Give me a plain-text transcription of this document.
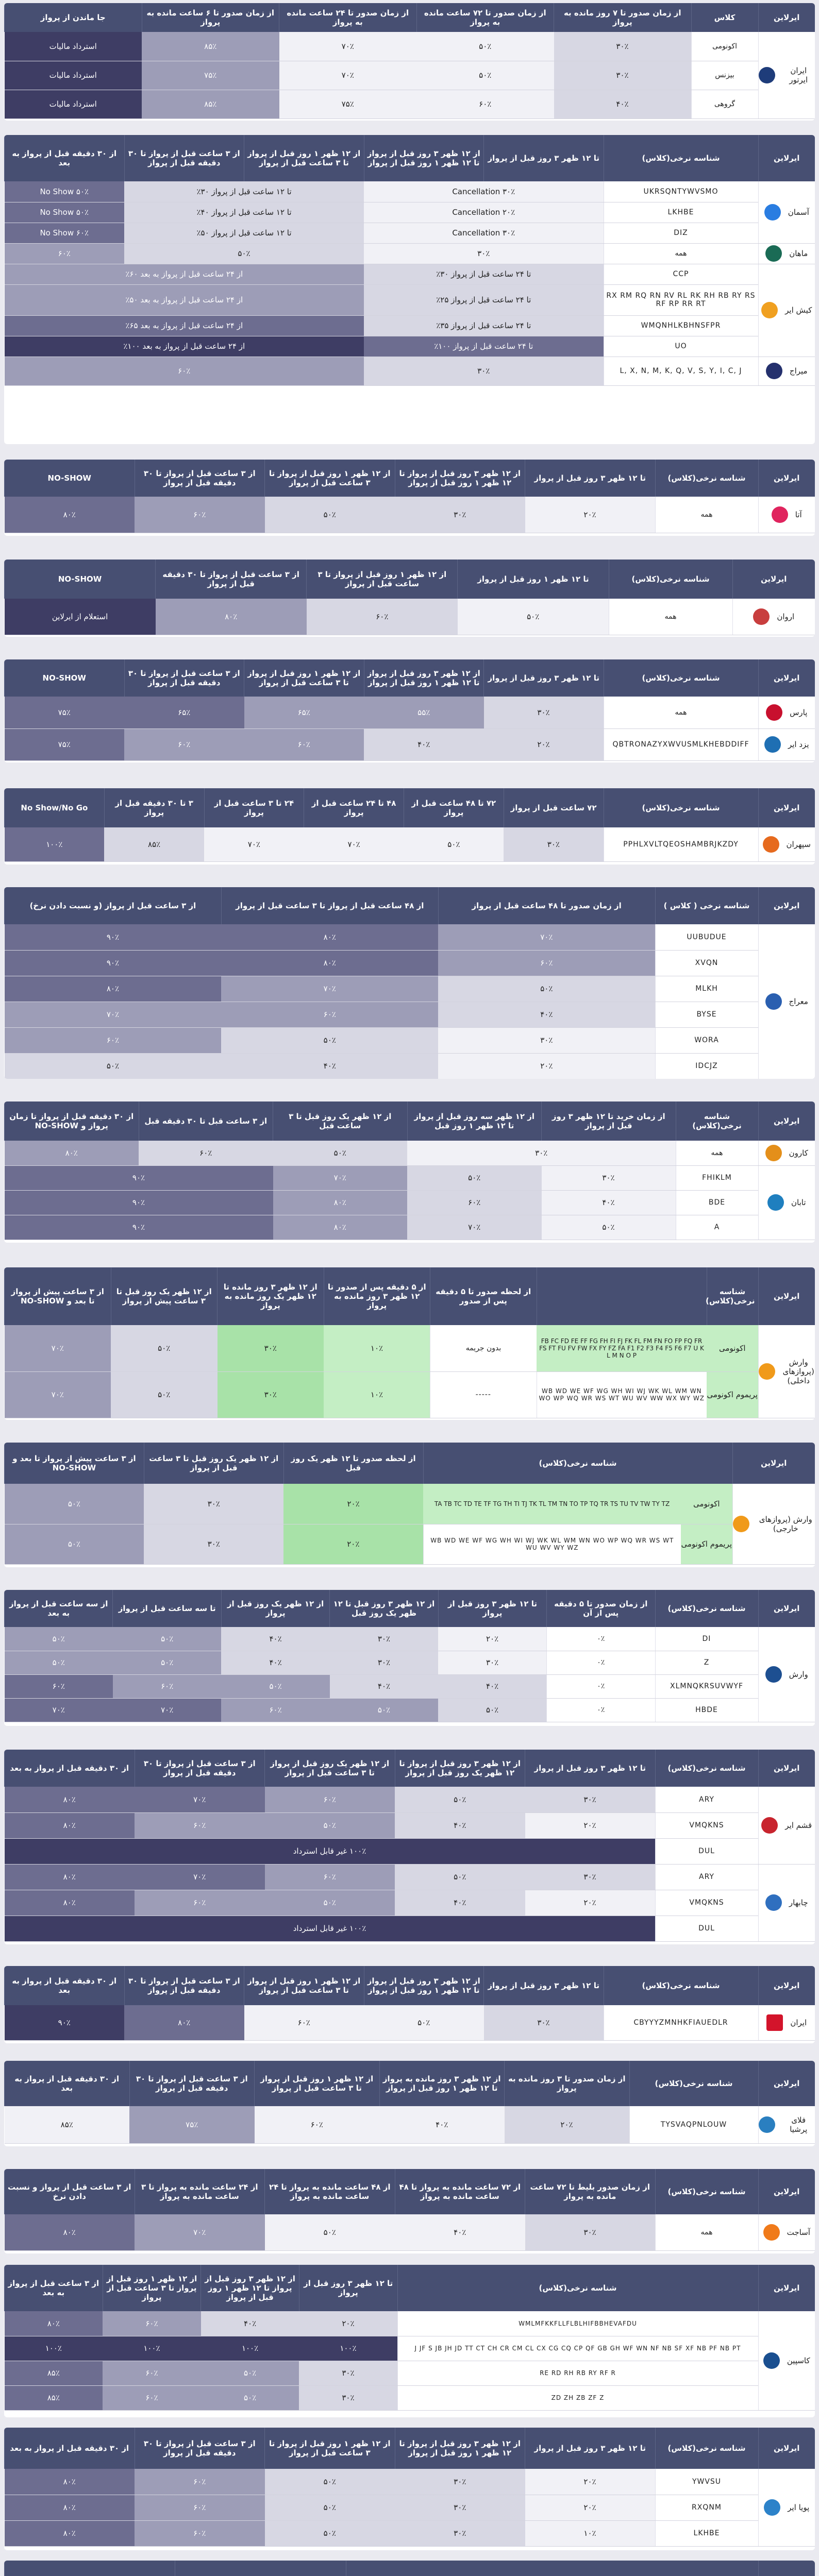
ایرلاین	کلاس	از زمان صدور تا ۷ روز مانده به پرواز	از زمان صدور تا ۷۲ ساعت مانده به پرواز	از زمان صدور تا ۲۴ ساعت مانده به پرواز	از زمان صدور تا ۶ ساعت مانده به پرواز	جا ماندن از پرواز

ایران ایرتور	اکونومی	۳۰٪	۵۰٪	۷۰٪	۸۵٪	استرداد مالیات
	بیزنس	۳۰٪	۵۰٪	۷۰٪	۷۵٪	استرداد مالیات
	گروهی	۴۰٪	۶۰٪	۷۵٪	۸۵٪	استرداد مالیات
ایرلاین	شناسه نرخی(کلاس)	تا ۱۲ ظهر ۳ روز قبل از پرواز	از ۱۲ ظهر ۳ روز قبل از پرواز تا ۱۲ ظهر ۱ روز قبل از پرواز	از ۱۲ ظهر ۱ روز قبل از پرواز تا ۳ ساعت قبل از پرواز	از ۳ ساعت قبل از پرواز تا ۳۰ دقیقه قبل از پرواز	از ۳۰ دقیقه قبل از پرواز به بعد

آسمان	UKRSQNTYWVSMO	Cancellation ۳۰٪		تا ۱۲ ساعت قبل از پرواز ۳۰٪		No Show ۵۰٪
	LKHBE	Cancellation ۲۰٪		تا ۱۲ ساعت قبل از پرواز ۴۰٪		No Show ۵۰٪
	DIZ	Cancellation ۳۰٪		تا ۱۲ ساعت قبل از پرواز ۵۰٪		No Show ۶۰٪

ماهان	همه	۳۰٪		۵۰٪		۶۰٪

کیش ایر	CCP	تا ۲۴ ساعت قبل از پرواز ۳۰٪		از ۲۴ ساعت قبل از پرواز به بعد ۶۰٪		
	RX RM RQ RN RV RL RK RH RB RY RS RF RP RR RT	تا ۲۴ ساعت قبل از پرواز ۲۵٪		از ۲۴ ساعت قبل از پرواز به بعد ۵۰٪		
	WMQNHLKBHNSFPR	تا ۲۴ ساعت قبل از پرواز ۳۵٪		از ۲۴ ساعت قبل از پرواز به بعد ۶۵٪		
	UO	تا ۲۴ ساعت قبل از پرواز ۱۰۰٪		از ۲۴ ساعت قبل از پرواز به بعد ۱۰۰٪		

میراج	L, X, N, M, K, Q, V, S, Y, I, C, J	۳۰٪		۶۰٪		
ایرلاین	شناسه نرخی(کلاس)	تا ۱۲ ظهر ۳ روز قبل از پرواز	از ۱۲ ظهر ۳ روز قبل از پرواز تا ۱۲ ظهر ۱ روز قبل از پرواز	از ۱۲ ظهر ۱ روز قبل از پرواز تا ۳ ساعت قبل از پرواز	از ۳ ساعت قبل از پرواز تا ۳۰ دقیقه قبل از پرواز	NO-SHOW

آتا	همه	۲۰٪	۳۰٪	۵۰٪	۶۰٪	۸۰٪
ایرلاین	شناسه نرخی(کلاس)	تا ۱۲ ظهر ۱ روز قبل از پرواز	از ۱۲ ظهر ۱ روز قبل از پرواز تا ۳ ساعت قبل از پرواز	از ۳ ساعت قبل از پرواز تا ۳۰ دقیقه قبل از پرواز	NO-SHOW

اروان	همه	۵۰٪	۶۰٪	۸۰٪	استعلام از ایرلاین
ایرلاین	شناسه نرخی(کلاس)	تا ۱۲ ظهر ۳ روز قبل از پرواز	از ۱۲ ظهر ۳ روز قبل از پرواز تا ۱۲ ظهر ۱ روز قبل از پرواز	از ۱۲ ظهر ۱ روز قبل از پرواز تا ۳ ساعت قبل از پرواز	از ۳ ساعت قبل از پرواز تا ۳۰ دقیقه قبل از پرواز	NO-SHOW

پارس	همه	۳۰٪	۵۵٪	۶۵٪	۶۵٪	۷۵٪

یزد ایر	QBTRONAZYXWVUSMLKHEBDDIFF	۲۰٪	۴۰٪	۶۰٪	۶۰٪	۷۵٪
ایرلاین	شناسه نرخی(کلاس)	۷۲ ساعت قبل از پرواز	۷۲ تا ۴۸ ساعت قبل از پرواز	۴۸ تا ۲۴ ساعت قبل از پرواز	۲۴ تا ۳ ساعت قبل از پرواز	۳ تا ۳۰ دقیقه قبل از پرواز	No Show/No Go

سپهران	PPHLXVLTQEOSHAMBRJKZDY	۳۰٪	۵۰٪	۷۰٪	۷۰٪	۸۵٪	۱۰۰٪
ایرلاین	شناسه نرخی ( کلاس )	از زمان صدور تا ۴۸ ساعت قبل از پرواز	از ۴۸ ساعت قبل از پرواز تا ۳ ساعت قبل از پرواز	از ۳ ساعت قبل از پرواز (و نسبت دادن نرخ)

معراج	UUBUDUE	۷۰٪	۸۰٪	۹۰٪
	XVQN	۶۰٪	۸۰٪	۹۰٪
	MLKH	۵۰٪	۷۰٪	۸۰٪
	BYSE	۴۰٪	۶۰٪	۷۰٪
	WORA	۳۰٪	۵۰٪	۶۰٪
	IDCJZ	۲۰٪	۴۰٪	۵۰٪
ایرلاین	شناسه نرخی(کلاس)	از زمان خرید تا ۱۲ ظهر ۳ روز قبل از پرواز	از ۱۲ ظهر سه روز قبل از پرواز تا ۱۲ ظهر ۱ روز قبل	از ۱۲ ظهر یک روز قبل تا ۳ ساعت قبل	از ۳ ساعت قبل تا ۳۰ دقیقه قبل	از ۳۰ دقیقه قبل از پرواز تا زمان پرواز و NO-SHOW

کارون	همه	۳۰٪		۵۰٪	۶۰٪	۸۰٪

تابان	FHIKLM	۳۰٪	۵۰٪	۷۰٪	۹۰٪	
	BDE	۴۰٪	۶۰٪	۸۰٪	۹۰٪	
	A	۵۰٪	۷۰٪	۸۰٪	۹۰٪	
ایرلاین	شناسه نرخی(کلاس)		از لحظه صدور تا ۵ دقیقه پس از صدور	از ۵ دقیقه پس از صدور تا ۱۲ ظهر ۳ روز مانده به پرواز	از ۱۲ ظهر ۳ روز مانده تا ۱۲ ظهر یک روز مانده به پرواز	از ۱۲ ظهر یک روز قبل تا ۳ ساعت پیش از پرواز	از ۳ ساعت پیش از پرواز تا بعد و NO-SHOW

وارش (پروازهای داخلی)	اکونومی	FB FC FD FE FF FG FH FI FJ FK FL FM FN FO FP FQ FR FS FT FU FV FW FX FY FZ FA F1 F2 F3 F4 F5 F6 F7 U K L M N O P	بدون جریمه	۱۰٪	۳۰٪	۵۰٪	۷۰٪
	پریموم اکونومی	WB WD WE WF WG WH WI WJ WK WL WM WN WO WP WQ WR WS WT WU WV WW WX WY WZ	-----	۱۰٪	۳۰٪	۵۰٪	۷۰٪
ایرلاین	شناسه نرخی(کلاس)		از لحظه صدور تا ۱۲ ظهر یک روز قبل	از ۱۲ ظهر یک روز قبل تا ۳ ساعت قبل از پرواز	از ۳ ساعت پیش از پرواز تا بعد و NO-SHOW

وارش (پروازهای خارجی)	اکونومی	TA TB TC TD TE TF TG TH TI TJ TK TL TM TN TO TP TQ TR TS TU TV TW TY TZ	۲۰٪	۳۰٪	۵۰٪
	پریموم اکونومی	WB WD WE WF WG WH WI WJ WK WL WM WN WO WP WQ WR WS WT WU WV WY WZ	۲۰٪	۳۰٪	۵۰٪
ایرلاین	شناسه نرخی(کلاس)	از زمان صدور تا ۵ دقیقه پس از آن	تا ۱۲ ظهر ۳ روز قبل از پرواز	از ۱۲ ظهر ۳ روز قبل تا ۱۲ ظهر یک روز قبل	از ۱۲ ظهر یک روز قبل از پرواز	تا سه ساعت قبل از پرواز	از سه ساعت قبل از پرواز به بعد

وارش	DI	۰٪	۲۰٪	۳۰٪	۴۰٪	۵۰٪	۵۰٪
	Z	۰٪	۳۰٪	۳۰٪	۴۰٪	۵۰٪	۵۰٪
	XLMNQKRSUVWYF	۰٪	۴۰٪	۴۰٪	۵۰٪	۶۰٪	۶۰٪
	HBDE	۰٪	۵۰٪	۵۰٪	۶۰٪	۷۰٪	۷۰٪
ایرلاین	شناسه نرخی(کلاس)	تا ۱۲ ظهر ۳ روز قبل از پرواز	از ۱۲ ظهر ۳ روز قبل از پرواز تا ۱۲ ظهر یک روز قبل از پرواز	از ۱۲ ظهر یک روز قبل از پرواز تا ۳ ساعت قبل از پرواز	از ۳ ساعت قبل از پرواز تا ۳۰ دقیقه قبل از پرواز	از ۳۰ دقیقه قبل از پرواز به بعد

قشم ایر	ARY	۳۰٪	۵۰٪	۶۰٪	۷۰٪	۸۰٪
	VMQKNS	۲۰٪	۴۰٪	۵۰٪	۶۰٪	۸۰٪
	DUL	۱۰۰٪ غیر قابل استرداد				

چابهار	ARY	۳۰٪	۵۰٪	۶۰٪	۷۰٪	۸۰٪
	VMQKNS	۲۰٪	۴۰٪	۵۰٪	۶۰٪	۸۰٪
	DUL	۱۰۰٪ غیر قابل استرداد				
ایرلاین	شناسه نرخی(کلاس)	تا ۱۲ ظهر ۳ روز قبل از پرواز	از ۱۲ ظهر ۳ روز قبل از پرواز تا ۱۲ ظهر ۱ روز قبل از پرواز	از ۱۲ ظهر ۱ روز قبل از پرواز تا ۳ ساعت قبل از پرواز	از ۳ ساعت قبل از پرواز تا ۳۰ دقیقه قبل از پرواز	از ۳۰ دقیقه قبل از پرواز به بعد

ایران	CBYYYZMNHKFIAUEDLR	۳۰٪	۵۰٪	۶۰٪	۸۰٪	۹۰٪
ایرلاین	شناسه نرخی(کلاس)	از زمان صدور تا ۳ روز مانده به پرواز	از ۱۲ ظهر ۳ روز مانده به پرواز تا ۱۲ ظهر ۱ روز قبل از پرواز	از ۱۲ ظهر ۱ روز قبل از پرواز تا ۳ ساعت قبل از پرواز	از ۳ ساعت قبل از پرواز تا ۳۰ دقیقه قبل از پرواز	از ۳۰ دقیقه قبل از پرواز به بعد

فلای پرشیا	TYSVAQPNLOUW	۲۰٪	۴۰٪	۶۰٪	۷۵٪	۸۵٪
ایرلاین	شناسه نرخی(کلاس)	از زمان صدور بلیط تا ۷۲ ساعت مانده به پرواز	از ۷۲ ساعت مانده به پرواز تا ۴۸ ساعت مانده به پرواز	از ۴۸ ساعت مانده به پرواز تا ۲۴ ساعت مانده به پرواز	از ۲۴ ساعت مانده به پرواز تا ۳ ساعت مانده به پرواز	از ۳ ساعت قبل از پرواز و نسبت دادن نرخ

آساجت	همه	۳۰٪	۴۰٪	۵۰٪	۷۰٪	۸۰٪
ایرلاین	شناسه نرخی(کلاس)	تا ۱۲ ظهر ۳ روز قبل از پرواز	از ۱۲ ظهر ۳ روز قبل از پرواز تا ۱۲ ظهر ۱ روز قبل از پرواز	از ۱۲ ظهر ۱ روز قبل از پرواز تا ۳ ساعت قبل از پرواز	از ۳ ساعت قبل از پرواز به بعد

کاسپین	WMLMFKKFLLFLBLHIFBBHEVAFDU	۲۰٪	۴۰٪	۶۰٪	۸۰٪
	J JF S JB JH JD TT CT CH CR CM CL CX CG CQ CP QF GB GH WF WN NF NB SF XF NB PF NB PT	۱۰۰٪	۱۰۰٪	۱۰۰٪	۱۰۰٪
	RE RD RH RB RY RF R	۳۰٪	۵۰٪	۶۰٪	۸۵٪
	ZD ZH ZB ZF Z	۳۰٪	۵۰٪	۶۰٪	۸۵٪
ایرلاین	شناسه نرخی(کلاس)	تا ۱۲ ظهر ۳ روز قبل از پرواز	از ۱۲ ظهر ۳ روز قبل از پرواز تا ۱۲ ظهر ۱ روز قبل از پرواز	از ۱۲ ظهر ۱ روز قبل از پرواز تا ۳ ساعت قبل از پرواز	از ۳ ساعت قبل از پرواز تا ۳۰ دقیقه قبل از پرواز	از ۳۰ دقیقه قبل از پرواز به بعد

پویا ایر	YWVSU	۲۰٪	۳۰٪	۵۰٪	۶۰٪	۸۰٪
	RXQNM	۲۰٪	۳۰٪	۵۰٪	۶۰٪	۸۰٪
	LKHBE	۱۰٪	۳۰٪	۵۰٪	۶۰٪	۸۰٪
